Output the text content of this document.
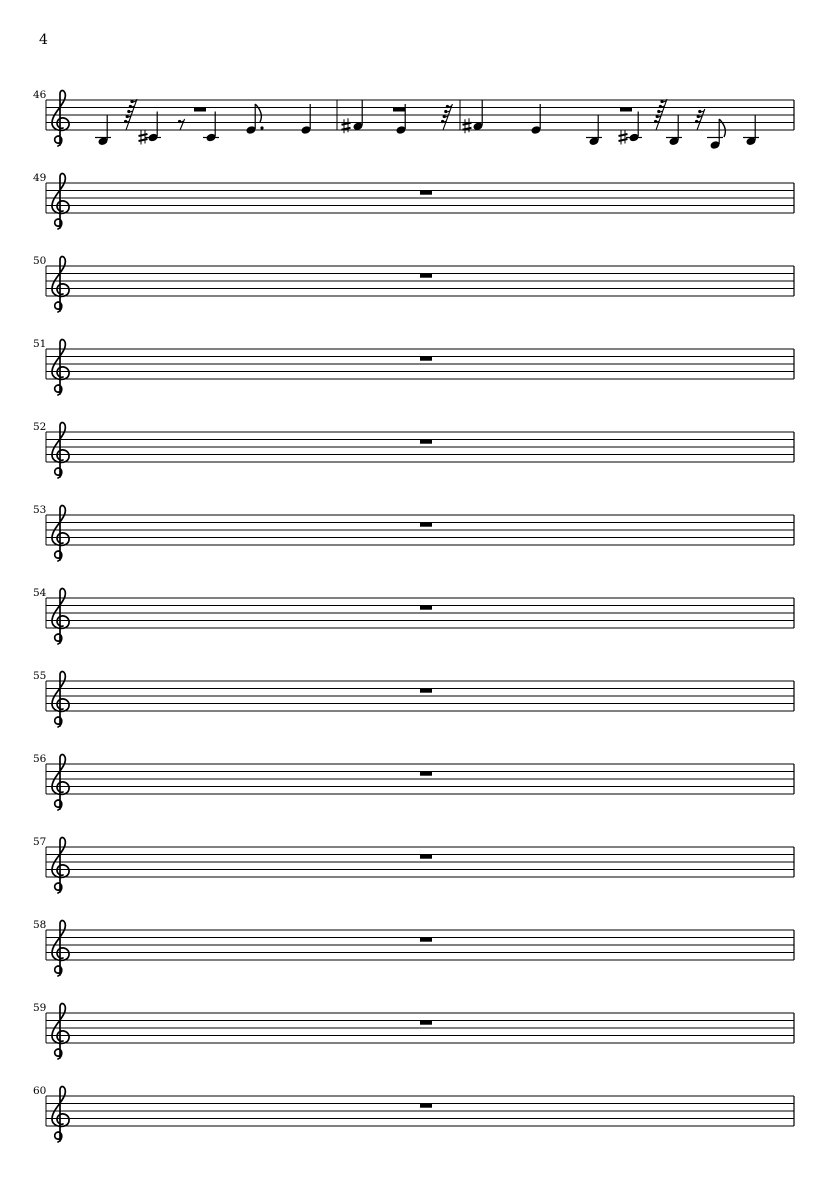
4
46
49
50
51
52
53
54
55
56
57
58
59
60
